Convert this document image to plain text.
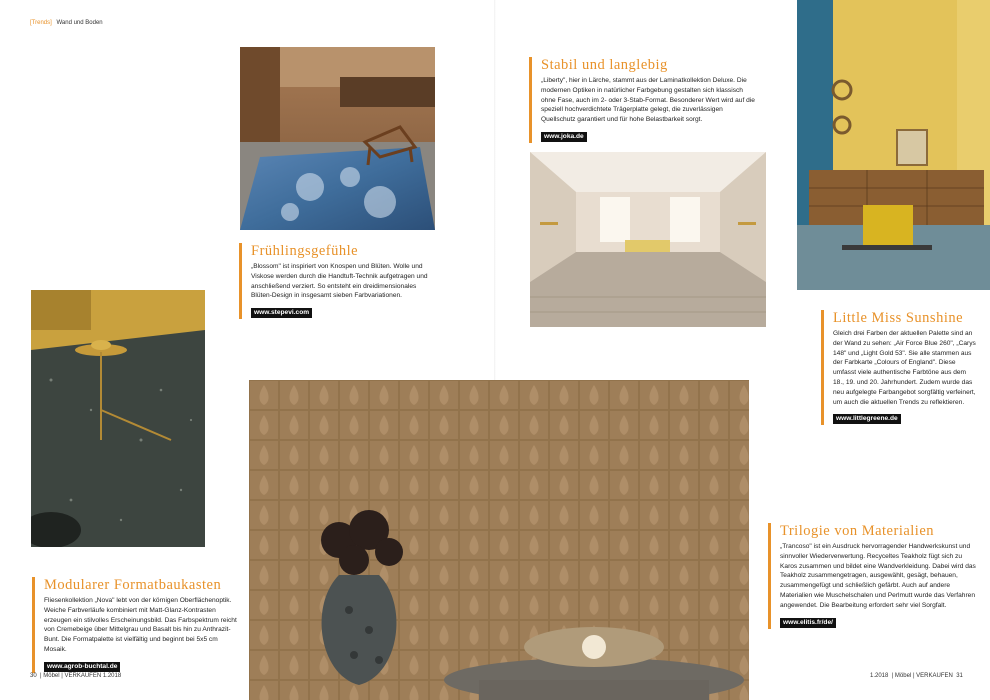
[Trends] Wand und Boden
Frühlingsgefühle

„Blossom" ist inspiriert von Knospen und Blüten. Wolle und Viskose werden durch die Handtuft-Technik aufgetragen und anschließend verziert. So entsteht ein dreidimensionales Blüten-Design in insgesamt sieben Farbvariationen.

www.stepevi.com
Modularer Formatbaukasten

Fliesenkollektion „Nova" lebt von der körnigen Oberflächenoptik. Weiche Farbverläufe kombiniert mit Matt-Glanz-Kontrasten erzeugen ein stilvolles Erscheinungsbild. Das Farbspektrum reicht von Cremebeige über Mittelgrau und Basalt bis hin zu Anthrazit-Bunt. Die Formatpalette ist vielfältig und beginnt bei 5x5 cm Mosaik.

www.agrob-buchtal.de
Stabil und langlebig

„Liberty", hier in Lärche, stammt aus der Laminatkollektion Deluxe. Die modernen Optiken in natürlicher Farbgebung gestalten sich klassisch ohne Fase, auch im 2- oder 3-Stab-Format. Besonderer Wert wird auf die speziell hochverdichtete Trägerplatte gelegt, die zuverlässigen Quellschutz garantiert und für hohe Belastbarkeit sorgt.

www.joka.de
Little Miss Sunshine

Gleich drei Farben der aktuellen Palette sind an der Wand zu sehen: „Air Force Blue 260", „Carys 148" und „Light Gold 53". Sie alle stammen aus der Farbkarte „Colours of England". Diese umfasst viele authentische Farbtöne aus dem 18., 19. und 20. Jahrhundert. Zudem wurde das neu aufgelegte Farbangebot sorgfältig verfeinert, um auch die aktuellen Trends zu reflektieren.

www.littlegreene.de
Trilogie von Materialien

„Trancoso" ist ein Ausdruck hervorragender Handwerkskunst und sinnvoller Wiederverwertung. Recyceltes Teakholz fügt sich zu Karos zusammen und bildet eine Wandverkleidung. Dabei wird das Teakholz zusammengetragen, ausgewählt, gesägt, behauen, zusammengefügt und schließlich gefärbt. Auch auf andere Materialien wie Muschelschalen und Perlmutt wurde das Verfahren angewendet. Die Bearbeitung erfordert sehr viel Sorgfalt.

www.elitis.fr/de/
30 | Möbel | VERKAUFEN 1.2018	1.2018 | Möbel | VERKAUFEN 31
